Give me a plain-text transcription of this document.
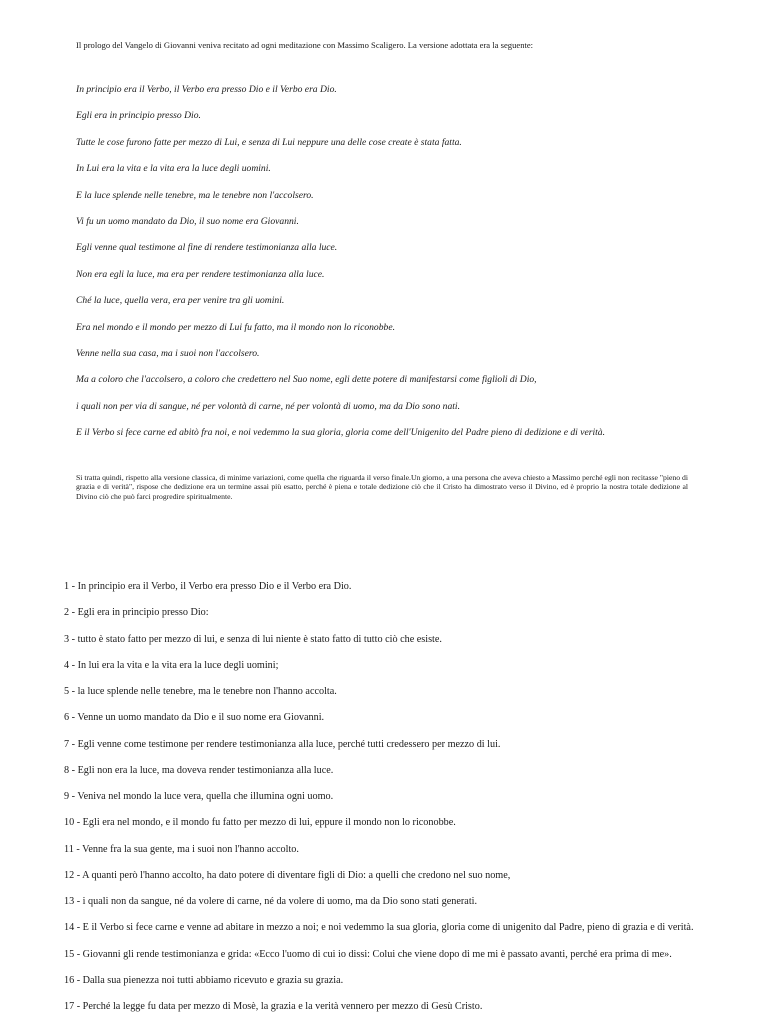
Il prologo del Vangelo di Giovanni veniva recitato ad ogni meditazione con Massimo Scaligero. La versione adottata era la seguente:

In principio era il Verbo, il Verbo era presso Dio e il Verbo era Dio.
Egli era in principio presso Dio.
Tutte le cose furono fatte per mezzo di Lui, e senza di Lui neppure una delle cose create è stata fatta.
In Lui era la vita e la vita era la luce degli uomini.
E la luce splende nelle tenebre, ma le tenebre non l'accolsero.
Vi fu un uomo mandato da Dio, il suo nome era Giovanni.
Egli venne qual testimone al fine di rendere testimonianza alla luce.
Non era egli la luce, ma era per rendere testimonianza alla luce.
Ché la luce, quella vera, era per venire tra gli uomini.
Era nel mondo e il mondo per mezzo di Lui fu fatto, ma il mondo non lo riconobbe.
Venne nella sua casa, ma i suoi non l'accolsero.
Ma a coloro che l'accolsero, a coloro che credettero nel Suo nome, egli dette potere di manifestarsi come figlioli di Dio,
i quali non per via di sangue, né per volontà di carne, né per volontà di uomo, ma da Dio sono nati.
E il Verbo si fece carne ed abitò fra noi, e noi vedemmo la sua gloria, gloria come dell'Unigenito del Padre pieno di dedizione e di verità.

Si tratta quindi, rispetto alla versione classica, di minime variazioni, come quella che riguarda il verso finale.Un giorno, a una persona che aveva chiesto a Massimo perché egli non recitasse "pieno di grazia e di verità", rispose che dedizione era un termine assai più esatto, perché è piena e totale dedizione ciò che il Cristo ha dimostrato verso il Divino, ed è proprio la nostra totale dedizione al Divino ciò che può farci progredire spiritualmente.

1 - In principio era il Verbo, il Verbo era presso Dio e il Verbo era Dio.
2 - Egli era in principio presso Dio:
3 - tutto è stato fatto per mezzo di lui, e senza di lui niente è stato fatto di tutto ciò che esiste.
4 - In lui era la vita e la vita era la luce degli uomini;
5 - la luce splende nelle tenebre, ma le tenebre non l'hanno accolta.
6 - Venne un uomo mandato da Dio e il suo nome era Giovanni.
7 - Egli venne come testimone per rendere testimonianza alla luce, perché tutti credessero per mezzo di lui.
8 - Egli non era la luce, ma doveva render testimonianza alla luce.
9 - Veniva nel mondo la luce vera, quella che illumina ogni uomo.
10 - Egli era nel mondo, e il mondo fu fatto per mezzo di lui, eppure il mondo non lo riconobbe.
11 - Venne fra la sua gente, ma i suoi non l'hanno accolto.
12 - A quanti però l'hanno accolto, ha dato potere di diventare figli di Dio: a quelli che credono nel suo nome,
13 - i quali non da sangue, né da volere di carne, né da volere di uomo, ma da Dio sono stati generati.
14 - E il Verbo si fece carne e venne ad abitare in mezzo a noi; e noi vedemmo la sua gloria, gloria come di unigenito dal Padre, pieno di grazia e di verità.
15 - Giovanni gli rende testimonianza e grida: «Ecco l'uomo di cui io dissi: Colui che viene dopo di me mi è passato avanti, perché era prima di me».
16 - Dalla sua pienezza noi tutti abbiamo ricevuto e grazia su grazia.
17 - Perché la legge fu data per mezzo di Mosè, la grazia e la verità vennero per mezzo di Gesù Cristo.
